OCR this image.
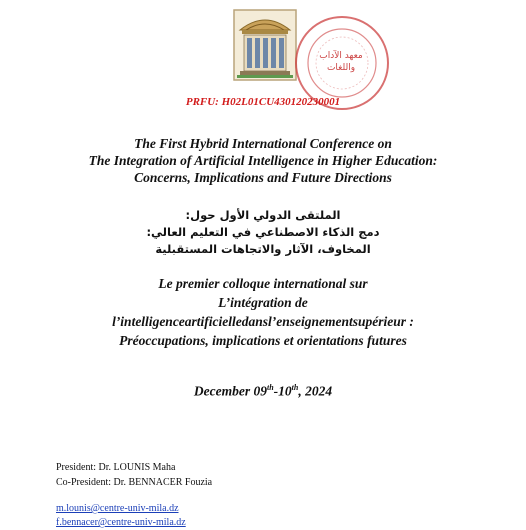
معهد الآداب واللغات
PRFU: H02L01CU430120230001
The First Hybrid International Conference on
The Integration of Artificial Intelligence in Higher Education:
Concerns, Implications and Future Directions
الملتقى الدولي الأول حول:
دمج الذكاء الاصطناعي في التعليم العالي:
المخاوف، الآثار والاتجاهات المستقبلية
Le premier colloque international sur
L’intégration de
l’intelligenceartificielledansl’enseignementsupérieur :
Préoccupations, implications et orientations futures
December 09th-10th, 2024
President: Dr. LOUNIS Maha
Co-President: Dr. BENNACER Fouzia
m.lounis@centre-univ-mila.dz
f.bennacer@centre-univ-mila.dz
